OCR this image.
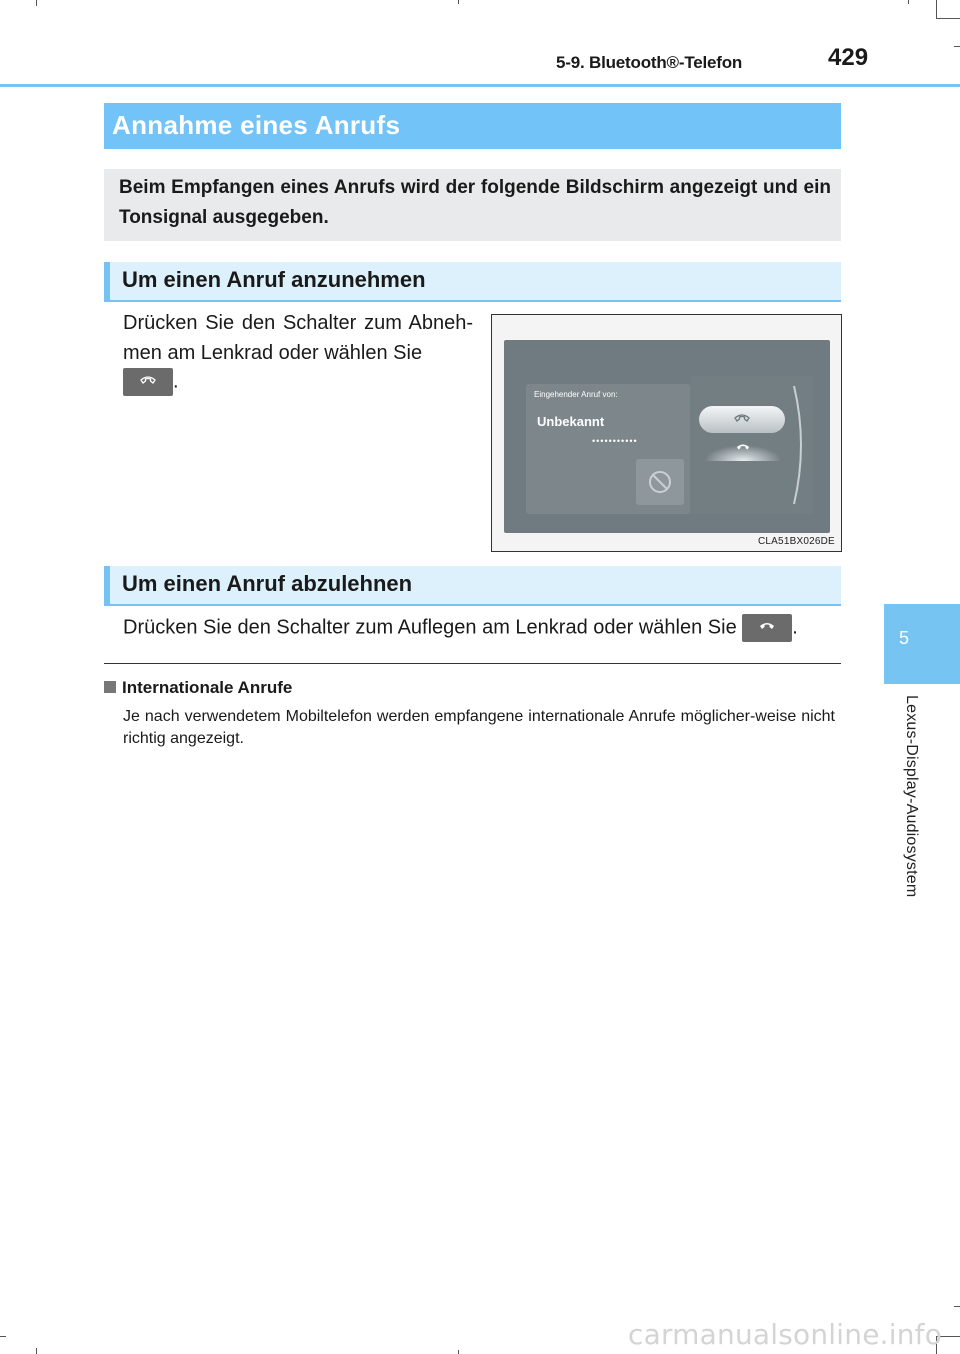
5-9. Bluetooth®-Telefon	429
5
Lexus-Display-Audiosystem
Annahme eines Anrufs
Beim Empfangen eines Anrufs wird der folgende Bildschirm angezeigt und ein Tonsignal ausgegeben.
Um einen Anruf anzunehmen
Drücken Sie den Schalter zum Abneh-men am Lenkrad oder wählen Sie
.
Eingehender Anruf von:
Unbekannt
•••••••••••
CLA51BX026DE
Um einen Anruf abzulehnen
Drücken Sie den Schalter zum Auflegen am Lenkrad oder wählen Sie	.
Internationale Anrufe
Je nach verwendetem Mobiltelefon werden empfangene internationale Anrufe möglicher-weise nicht richtig angezeigt.
carmanualsonline.info
